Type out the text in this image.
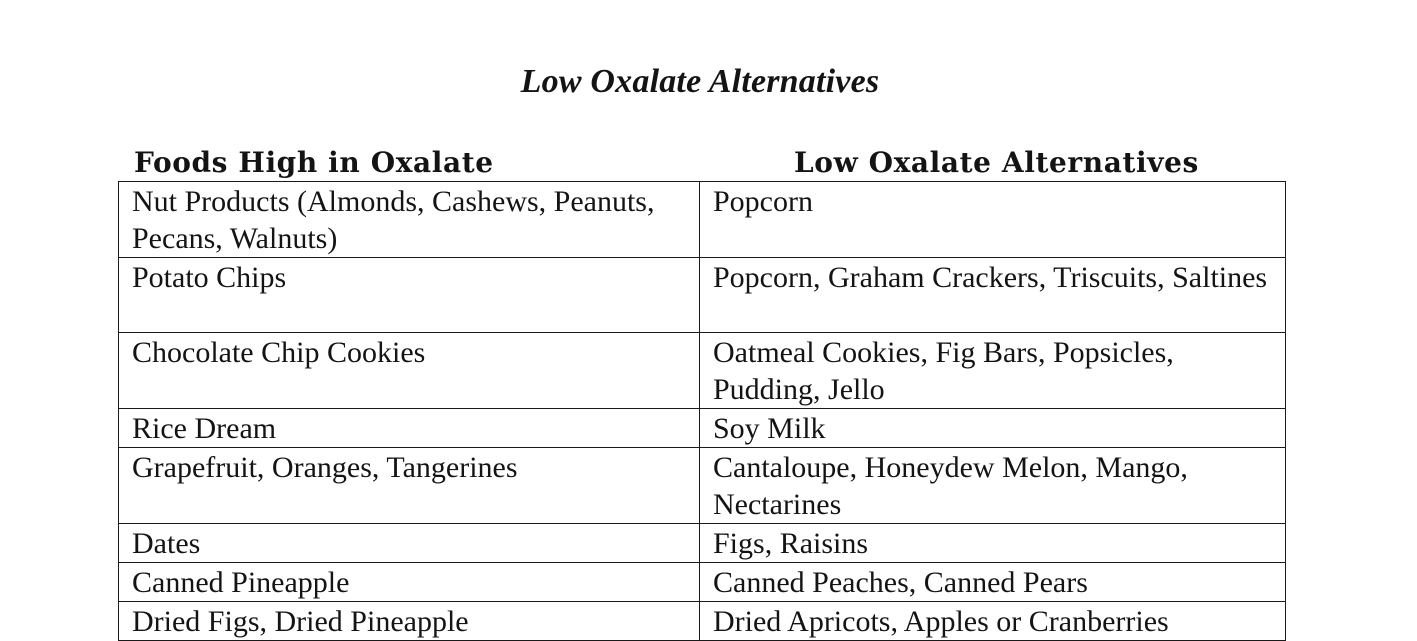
Low Oxalate Alternatives
Foods High in Oxalate	Low Oxalate Alternatives
Nut Products (Almonds, Cashews, Peanuts, Pecans, Walnuts)	Popcorn
Potato Chips	Popcorn, Graham Crackers, Triscuits, Saltines
Chocolate Chip Cookies	Oatmeal Cookies, Fig Bars, Popsicles, Pudding, Jello
Rice Dream	Soy Milk
Grapefruit, Oranges, Tangerines	Cantaloupe, Honeydew Melon, Mango, Nectarines
Dates	Figs, Raisins
Canned Pineapple	Canned Peaches, Canned Pears
Dried Figs, Dried Pineapple	Dried Apricots, Apples or Cranberries
